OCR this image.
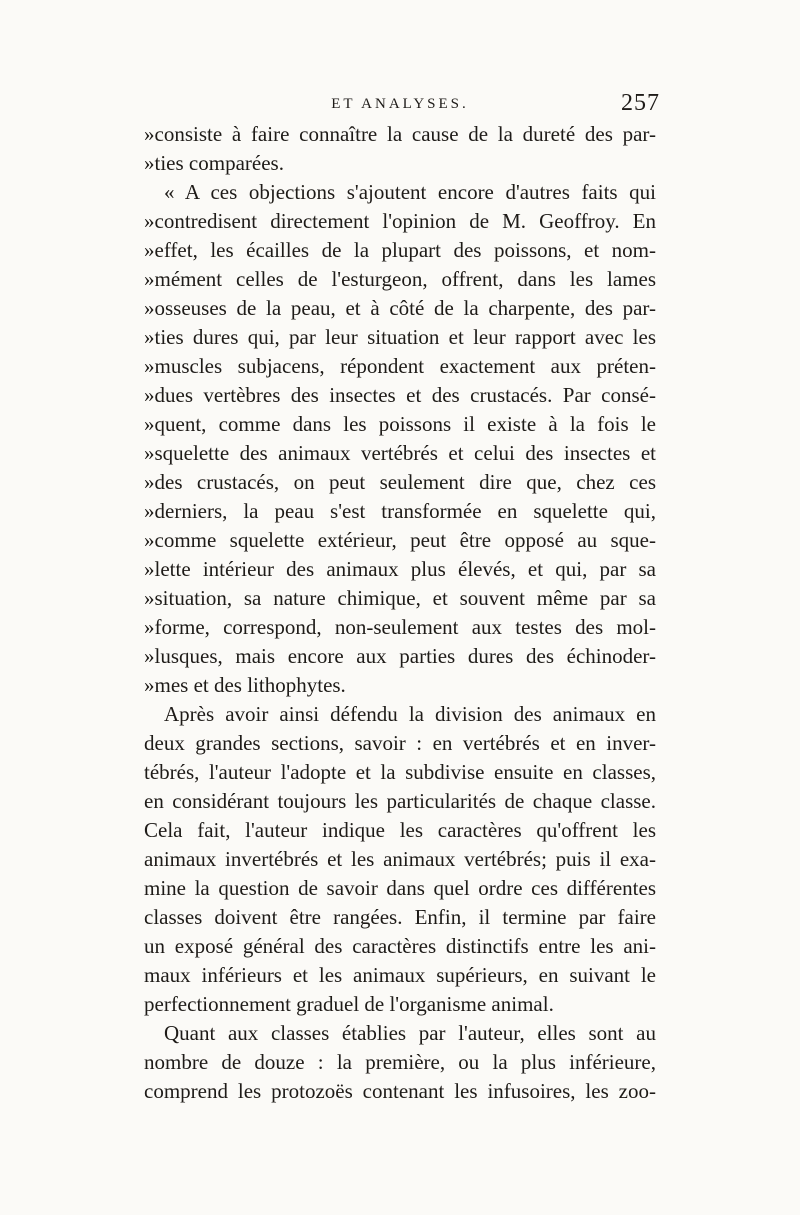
ET ANALYSES.	257
»consiste à faire connaître la cause de la dureté des par-
»ties comparées.
« A ces objections s'ajoutent encore d'autres faits qui
»contredisent directement l'opinion de M. Geoffroy. En
»effet, les écailles de la plupart des poissons, et nom-
»mément celles de l'esturgeon, offrent, dans les lames
»osseuses de la peau, et à côté de la charpente, des par-
»ties dures qui, par leur situation et leur rapport avec les
»muscles subjacens, répondent exactement aux préten-
»dues vertèbres des insectes et des crustacés. Par consé-
»quent, comme dans les poissons il existe à la fois le
»squelette des animaux vertébrés et celui des insectes et
»des crustacés, on peut seulement dire que, chez ces
»derniers, la peau s'est transformée en squelette qui,
»comme squelette extérieur, peut être opposé au sque-
»lette intérieur des animaux plus élevés, et qui, par sa
»situation, sa nature chimique, et souvent même par sa
»forme, correspond, non-seulement aux testes des mol-
»lusques, mais encore aux parties dures des échinoder-
»mes et des lithophytes.
Après avoir ainsi défendu la division des animaux en
deux grandes sections, savoir : en vertébrés et en inver-
tébrés, l'auteur l'adopte et la subdivise ensuite en classes,
en considérant toujours les particularités de chaque classe.
Cela fait, l'auteur indique les caractères qu'offrent les
animaux invertébrés et les animaux vertébrés; puis il exa-
mine la question de savoir dans quel ordre ces différentes
classes doivent être rangées. Enfin, il termine par faire
un exposé général des caractères distinctifs entre les ani-
maux inférieurs et les animaux supérieurs, en suivant le
perfectionnement graduel de l'organisme animal.
Quant aux classes établies par l'auteur, elles sont au
nombre de douze : la première, ou la plus inférieure,
comprend les protozoës contenant les infusoires, les zoo-
